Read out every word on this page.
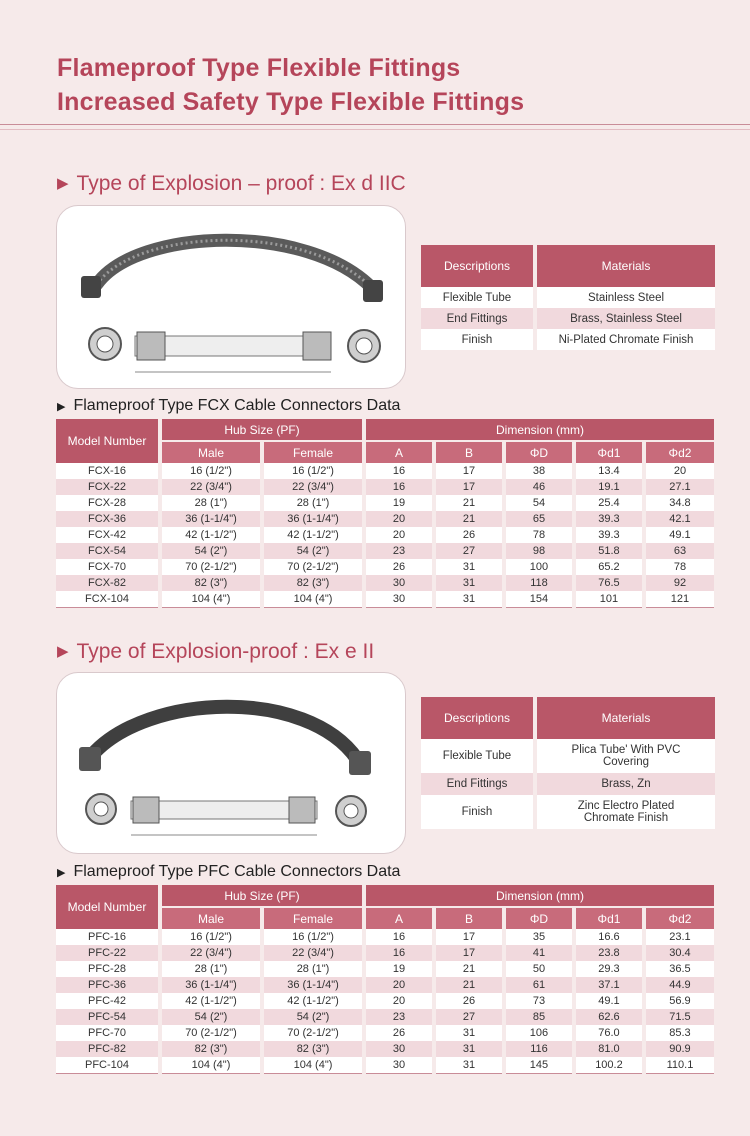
Flameproof Type Flexible Fittings
Increased Safety Type Flexible Fittings
▶ Type of Explosion – proof : Ex d IIC
Descriptions		Materials
Flexible Tube		Stainless Steel
End Fittings		Brass, Stainless Steel
Finish		Ni-Plated Chromate Finish
▶ Flameproof Type FCX Cable Connectors Data
Model Number	Hub Size (PF)		Dimension (mm)				
	Male	Female	A	B	ΦD	Φd1	Φd2
FCX-16	16 (1/2")	16 (1/2")	16	17	38	13.4	20
FCX-22	22 (3/4")	22 (3/4")	16	17	46	19.1	27.1
FCX-28	28 (1")	28 (1")	19	21	54	25.4	34.8
FCX-36	36 (1-1/4")	36 (1-1/4")	20	21	65	39.3	42.1
FCX-42	42 (1-1/2")	42 (1-1/2")	20	26	78	39.3	49.1
FCX-54	54 (2")	54 (2")	23	27	98	51.8	63
FCX-70	70 (2-1/2")	70 (2-1/2")	26	31	100	65.2	78
FCX-82	82 (3")	82 (3")	30	31	118	76.5	92
FCX-104	104 (4")	104 (4")	30	31	154	101	121
▶ Type of Explosion-proof : Ex e II
Descriptions		Materials
Flexible Tube		Plica Tube' With PVC Covering
End Fittings		Brass, Zn
Finish		Zinc Electro Plated Chromate Finish
▶ Flameproof Type PFC Cable Connectors Data
Model Number	Hub Size (PF)		Dimension (mm)				
	Male	Female	A	B	ΦD	Φd1	Φd2
PFC-16	16 (1/2")	16 (1/2")	16	17	35	16.6	23.1
PFC-22	22 (3/4")	22 (3/4")	16	17	41	23.8	30.4
PFC-28	28 (1")	28 (1")	19	21	50	29.3	36.5
PFC-36	36 (1-1/4")	36 (1-1/4")	20	21	61	37.1	44.9
PFC-42	42 (1-1/2")	42 (1-1/2")	20	26	73	49.1	56.9
PFC-54	54 (2")	54 (2")	23	27	85	62.6	71.5
PFC-70	70 (2-1/2")	70 (2-1/2")	26	31	106	76.0	85.3
PFC-82	82 (3")	82 (3")	30	31	116	81.0	90.9
PFC-104	104 (4")	104 (4")	30	31	145	100.2	110.1
